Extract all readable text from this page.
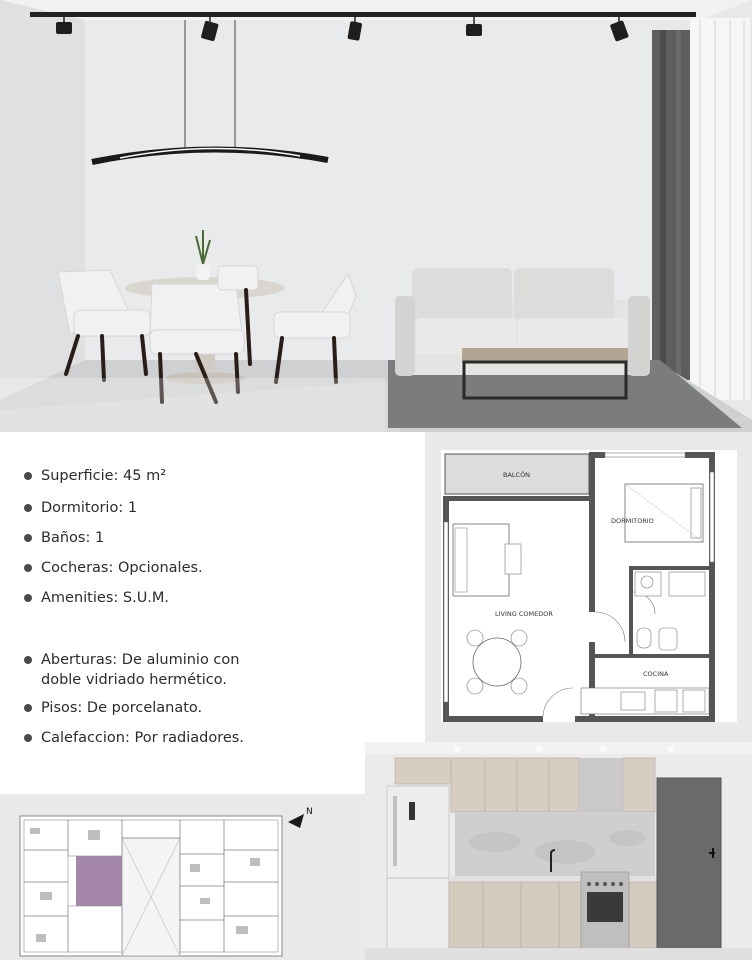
Superficie: 45 m²
Dormitorio: 1
Baños: 1
Cocheras: Opcionales.
Amenities: S.U.M.
Aberturas: De aluminio con
doble vidriado hermético.
Pisos: De porcelanato.
Calefaccion: Por radiadores.
BALCÓN
DORMITORIO
LIVING COMEDOR
COCINA
N
